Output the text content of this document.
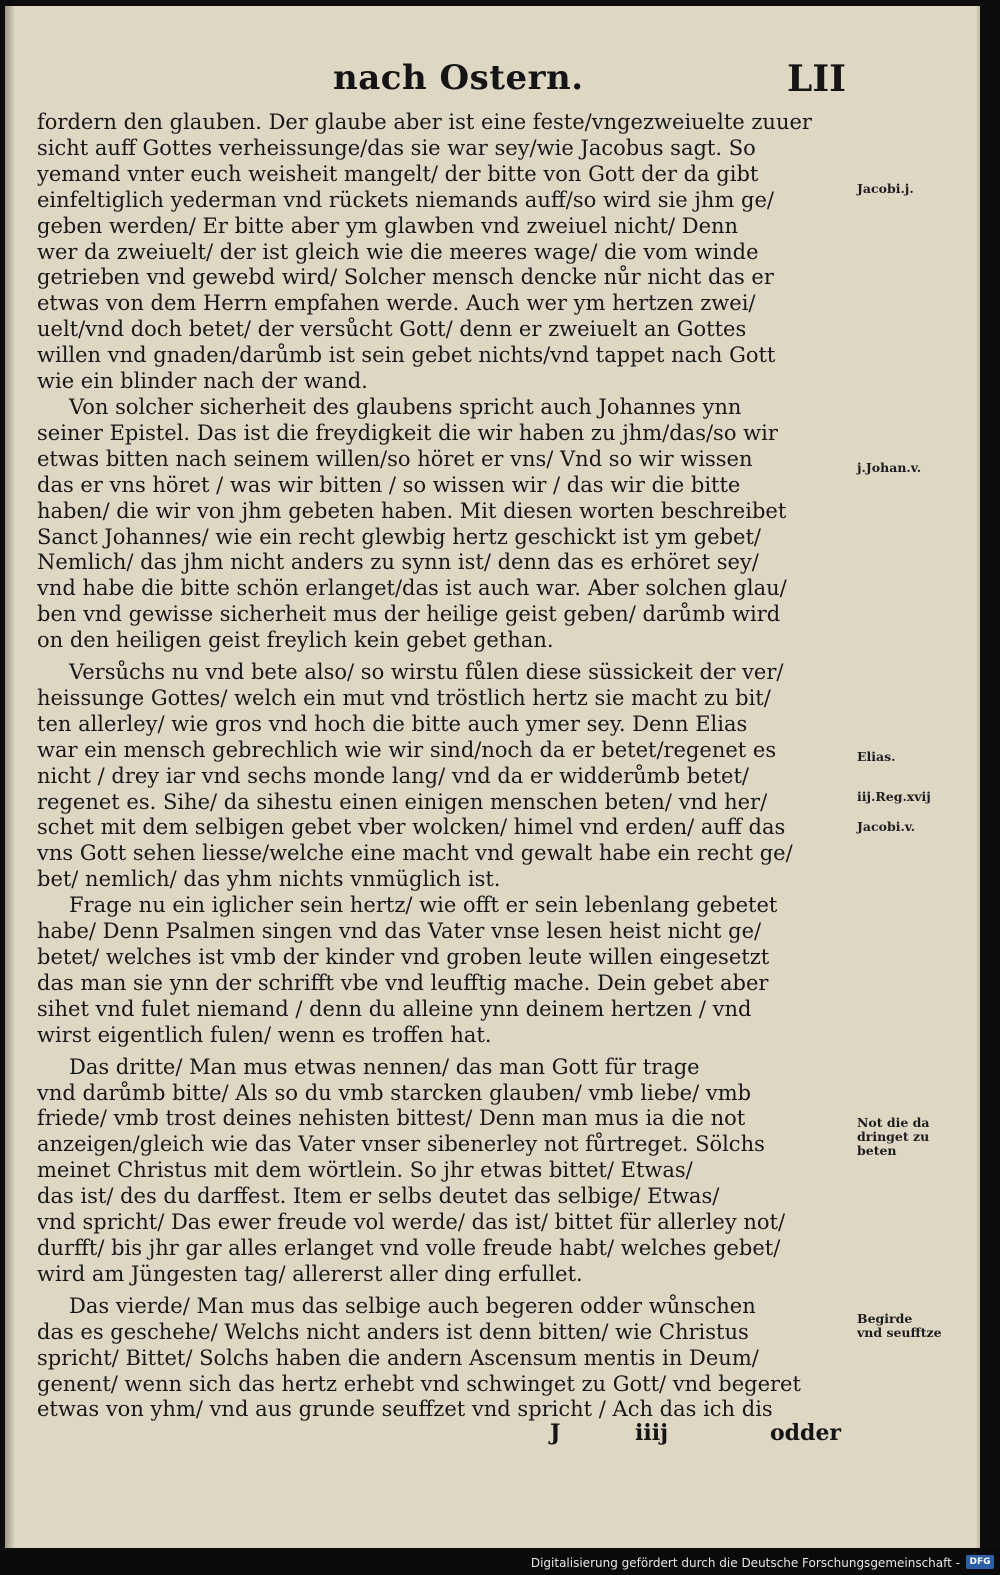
nach Ostern.	LII
fordern den glauben. Der glaube aber ist eine feste/vngezweiuelte zuuer
sicht auff Gottes verheissunge/das sie war sey/wie Jacobus sagt. So
yemand vnter euch weisheit mangelt/ der bitte von Gott der da gibt
einfeltiglich yederman vnd rückets niemands auff/so wird sie jhm ge/
geben werden/ Er bitte aber ym glawben vnd zweiuel nicht/ Denn
wer da zweiuelt/ der ist gleich wie die meeres wage/ die vom winde
getrieben vnd gewebd wird/ Solcher mensch dencke nůr nicht das er
etwas von dem Herrn empfahen werde. Auch wer ym hertzen zwei/
uelt/vnd doch betet/ der versůcht Gott/ denn er zweiuelt an Gottes
willen vnd gnaden/darůmb ist sein gebet nichts/vnd tappet nach Gott
wie ein blinder nach der wand.
Von solcher sicherheit des glaubens spricht auch Johannes ynn
seiner Epistel. Das ist die freydigkeit die wir haben zu jhm/das/so wir
etwas bitten nach seinem willen/so höret er vns/ Vnd so wir wissen
das er vns höret / was wir bitten / so wissen wir / das wir die bitte
haben/ die wir von jhm gebeten haben. Mit diesen worten beschreibet
Sanct Johannes/ wie ein recht glewbig hertz geschickt ist ym gebet/
Nemlich/ das jhm nicht anders zu synn ist/ denn das es erhöret sey/
vnd habe die bitte schön erlanget/das ist auch war. Aber solchen glau/
ben vnd gewisse sicherheit mus der heilige geist geben/ darůmb wird
on den heiligen geist freylich kein gebet gethan.
Versůchs nu vnd bete also/ so wirstu fůlen diese süssickeit der ver/
heissunge Gottes/ welch ein mut vnd tröstlich hertz sie macht zu bit/
ten allerley/ wie gros vnd hoch die bitte auch ymer sey. Denn Elias
war ein mensch gebrechlich wie wir sind/noch da er betet/regenet es
nicht / drey iar vnd sechs monde lang/ vnd da er widderůmb betet/
regenet es. Sihe/ da sihestu einen einigen menschen beten/ vnd her/
schet mit dem selbigen gebet vber wolcken/ himel vnd erden/ auff das
vns Gott sehen liesse/welche eine macht vnd gewalt habe ein recht ge/
bet/ nemlich/ das yhm nichts vnmüglich ist.
Frage nu ein iglicher sein hertz/ wie offt er sein lebenlang gebetet
habe/ Denn Psalmen singen vnd das Vater vnse lesen heist nicht ge/
betet/ welches ist vmb der kinder vnd groben leute willen eingesetzt
das man sie ynn der schrifft vbe vnd leufftig mache. Dein gebet aber
sihet vnd fulet niemand / denn du alleine ynn deinem hertzen / vnd
wirst eigentlich fulen/ wenn es troffen hat.
Das dritte/ Man mus etwas nennen/ das man Gott für trage
vnd darůmb bitte/ Als so du vmb starcken glauben/ vmb liebe/ vmb
friede/ vmb trost deines nehisten bittest/ Denn man mus ia die not
anzeigen/gleich wie das Vater vnser sibenerley not fůrtreget. Sölchs
meinet Christus mit dem wörtlein. So jhr etwas bittet/ Etwas/
das ist/ des du darffest. Item er selbs deutet das selbige/ Etwas/
vnd spricht/ Das ewer freude vol werde/ das ist/ bittet für allerley not/
durfft/ bis jhr gar alles erlanget vnd volle freude habt/ welches gebet/
wird am Jüngesten tag/ allererst aller ding erfullet.
Das vierde/ Man mus das selbige auch begeren odder wůnschen
das es geschehe/ Welchs nicht anders ist denn bitten/ wie Christus
spricht/ Bittet/ Solchs haben die andern Ascensum mentis in Deum/
genent/ wenn sich das hertz erhebt vnd schwinget zu Gott/ vnd begeret
etwas von yhm/ vnd aus grunde seuffzet vnd spricht / Ach das ich dis
Jacobi.j.
j.Johan.v.
Elias.
iij.Reg.xvij
Jacobi.v.
Not die da
dringet zu
beten
Begirde
vnd seufftze
J	iiij	odder
Digitalisierung gefördert durch die Deutsche Forschungsgemeinschaft -	DFG
